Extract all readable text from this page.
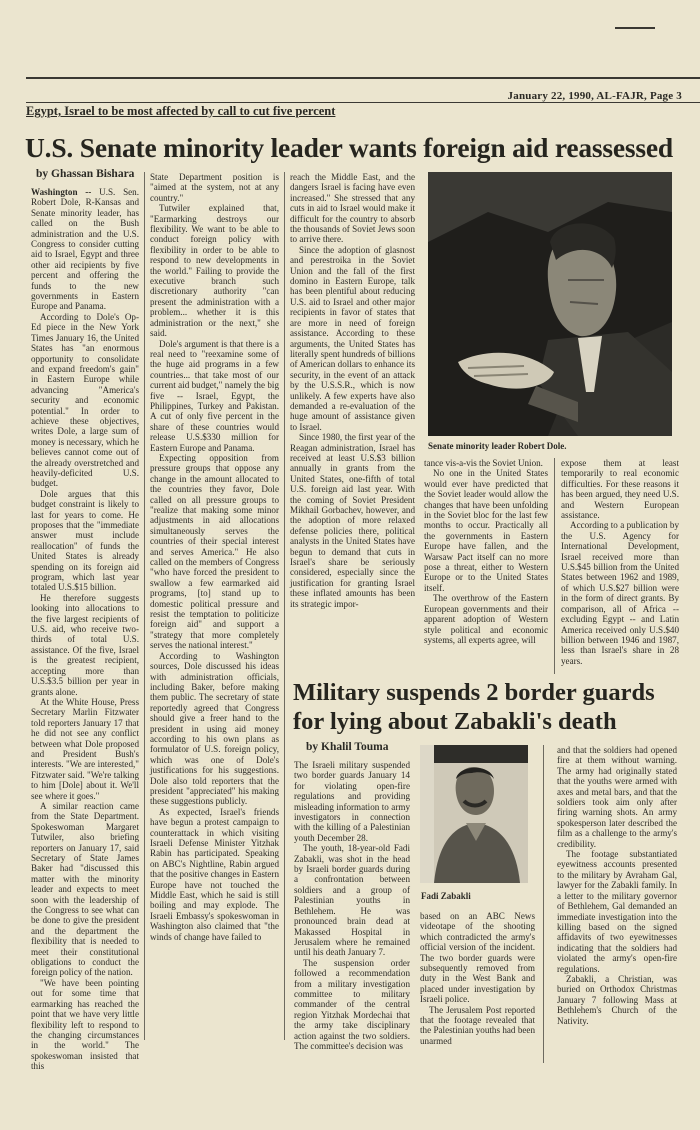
January 22, 1990, AL-FAJR, Page 3
Egypt, Israel to be most affected by call to cut five percent
U.S. Senate minority leader wants foreign aid reassessed
by Ghassan Bishara

Washington -- U.S. Sen. Robert Dole, R-Kansas and Senate minority leader, has called on the Bush administration and the U.S. Congress to consider cutting aid to Israel, Egypt and three other aid recipients by five percent and offering the funds to the new governments in Eastern Europe and Panama.

According to Dole's Op-Ed piece in the New York Times January 16, the United States has "an enormous opportunity to consolidate and expand freedom's gain" in Eastern Europe while advancing "America's security and economic potential." In order to achieve these objectives, writes Dole, a large sum of money is necessary, which he believes cannot come out of the already overstretched and heavily-deficited U.S. budget.

Dole argues that this budget constraint is likely to last for years to come. He proposes that the "immediate answer must include reallocation" of funds the United States is already spending on its foreign aid program, which last year totaled U.S.$15 billion.

He therefore suggests looking into allocations to the five largest recipients of U.S. aid, who receive two-thirds of total U.S. assistance. Of the five, Israel is the greatest recipient, accepting more than U.S.$3.5 billion per year in grants alone.

At the White House, Press Secretary Marlin Fitzwater told reporters January 17 that he did not see any conflict between what Dole proposed and President Bush's interests. "We are interested," Fitzwater said. "We're talking to him [Dole] about it. We'll see where it goes."

A similar reaction came from the State Department. Spokeswoman Margaret Tutwiler, also briefing reporters on January 17, said Secretary of State James Baker had "discussed this matter with the minority leader and expects to meet soon with the leadership of the Congress to see what can be done to give the president and the department the flexibility that is needed to meet their constitutional obligations to conduct the foreign policy of the nation.

"We have been pointing out for some time that earmarking has reached the point that we have very little flexibility left to respond to the changing circumstances in the world." The spokeswoman insisted that this

State Department position is "aimed at the system, not at any country."

Tutwiler explained that, "Earmarking destroys our flexibility. We want to be able to conduct foreign policy with flexibility in order to be able to respond to new developments in the world." Failing to provide the executive branch such discretionary authority "can present the administration with a problem... whether it is this administration or the next," she said.

Dole's argument is that there is a real need to "reexamine some of the huge aid programs in a few countries... that take most of our current aid budget," namely the big five -- Israel, Egypt, the Philippines, Turkey and Pakistan. A cut of only five percent in the share of these countries would release U.S.$330 million for Eastern Europe and Panama.

Expecting opposition from pressure groups that oppose any change in the amount allocated to the countries they favor, Dole called on all pressure groups to "realize that making some minor adjustments in aid allocations simultaneously serves the countries of their special interest and serves America." He also called on the members of Congress "who have forced the president to swallow a few earmarked aid programs, [to] stand up to domestic political pressure and resist the temptation to politicize foreign aid" and support a "strategy that more completely serves the national interest."

According to Washington sources, Dole discussed his ideas with administration officials, including Baker, before making them public. The secretary of state reportedly agreed that Congress should give a freer hand to the president in using aid money according to his own plans as formulator of U.S. foreign policy, which was one of Dole's justifications for his suggestions. Dole also told reporters that the president "appreciated" his making these suggestions publicly.

As expected, Israel's friends have begun a protest campaign to counterattack in which visiting Israeli Defense Minister Yitzhak Rabin has participated. Speaking on ABC's Nightline, Rabin argued that the positive changes in Eastern Europe have not touched the Middle East, which he said is still boiling and may explode. The Israeli Embassy's spokeswoman in Washington also claimed that "the winds of change have failed to

reach the Middle East, and the dangers Israel is facing have even increased." She stressed that any cuts in aid to Israel would make it difficult for the country to absorb the thousands of Soviet Jews soon to arrive there.

Since the adoption of glasnost and perestroika in the Soviet Union and the fall of the first domino in Eastern Europe, talk has been plentiful about reducing U.S. aid to Israel and other major recipients in favor of states that are more in need of foreign assistance. According to these arguments, the United States has literally spent hundreds of billions of American dollars to enhance its security, in the event of an attack by the U.S.S.R., which is now unlikely. A few experts have also demanded a re-evaluation of the huge amount of assistance given to Israel.

Since 1980, the first year of the Reagan administration, Israel has received at least U.S.$3 billion annually in grants from the United States, one-fifth of total U.S. foreign aid last year. With the coming of Soviet President Mikhail Gorbachev, however, and the adoption of more relaxed defense policies there, political analysts in the United States have begun to demand that cuts in Israel's share be seriously considered, especially since the justification for granting Israel these inflated amounts has been its strategic impor-

Senate minority leader Robert Dole.

tance vis-a-vis the Soviet Union.

No one in the United States would ever have predicted that the Soviet leader would allow the changes that have been unfolding in the Soviet bloc for the last few months to occur. Practically all the governments in Eastern Europe have fallen, and the Warsaw Pact itself can no more pose a threat, either to Western Europe or to the United States itself.

The overthrow of the Eastern European governments and their apparent adoption of Western style political and economic systems, all experts agree, will

expose them at least temporarily to real economic difficulties. For these reasons it has been argued, they need U.S. and Western European assistance.

According to a publication by the U.S. Agency for International Development, Israel received more than U.S.$45 billion from the United States between 1962 and 1989, of which U.S.$27 billion were in the form of direct grants. By comparison, all of Africa -- excluding Egypt -- and Latin America received only U.S.$40 billion between 1946 and 1987, less than Israel's share in 28 years.

Military suspends 2 border guards
for lying about Zabakli's death
by Khalil Touma

The Israeli military suspended two border guards January 14 for violating open-fire regulations and providing misleading information to army investigators in connection with the killing of a Palestinian youth December 28.

The youth, 18-year-old Fadi Zabakli, was shot in the head by Israeli border guards during a confrontation between soldiers and a group of Palestinian youths in Bethlehem. He was pronounced brain dead at Makassed Hospital in Jerusalem where he remained until his death January 7.

The suspension order followed a recommendation from a military investigation committee to military commander of the central region Yitzhak Mordechai that the army take disciplinary action against the two soldiers. The committee's decision was

Fadi Zabakli

based on an ABC News videotape of the shooting which contradicted the army's official version of the incident. The two border guards were subsequently removed from duty in the West Bank and placed under investigation by Israeli police.

The Jerusalem Post reported that the footage revealed that the Palestinian youths had been unarmed

and that the soldiers had opened fire at them without warning. The army had originally stated that the youths were armed with axes and metal bars, and that the soldiers took aim only after firing warning shots. An army spokesperson later described the film as a challenge to the army's credibility.

The footage substantiated eyewitness accounts presented to the military by Avraham Gal, lawyer for the Zabakli family. In a letter to the military governor of Bethlehem, Gal demanded an immediate investigation into the killing based on the signed affidavits of two eyewitnesses indicating that the soldiers had violated the army's open-fire regulations.

Zabakli, a Christian, was buried on Orthodox Christmas January 7 following Mass at Bethlehem's Church of the Nativity.
